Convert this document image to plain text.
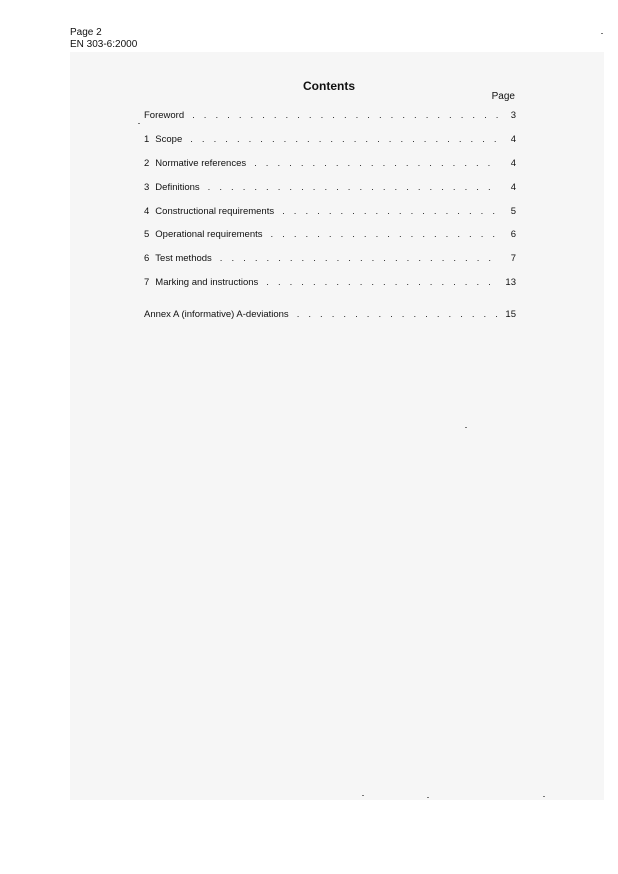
Page 2
EN 303-6:2000
Contents
Page
Foreword . . .	3
1 Scope . . .	4
2 Normative references . . .	4
3 Definitions . . .	4
4 Constructional requirements . . .	5
5 Operational requirements . . .	6
6 Test methods . . .	7
7 Marking and instructions . . .	13
Annex A (informative) A-deviations . . .	15
